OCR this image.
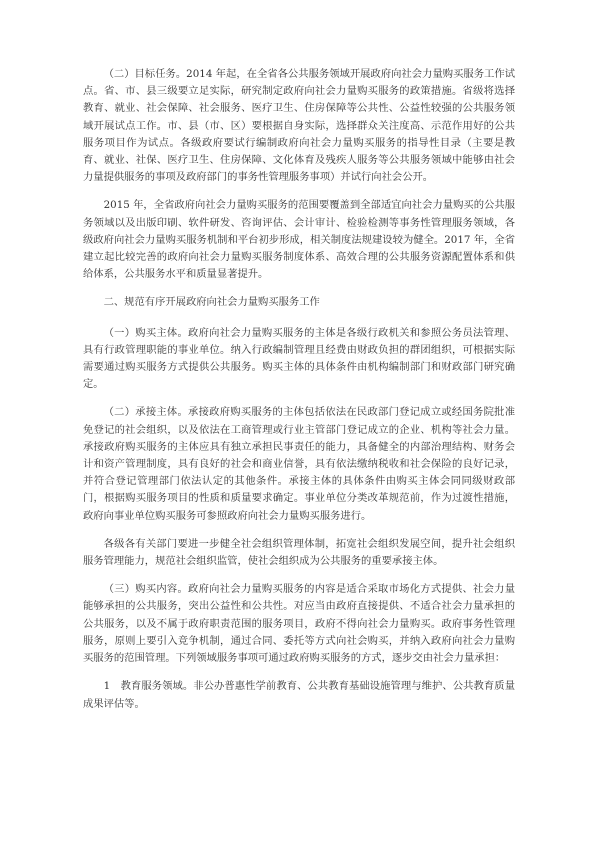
（二）目标任务。2014 年起，在全省各公共服务领域开展政府向社会力量购买服务工作试点。省、市、县三级要立足实际，研究制定政府向社会力量购买服务的政策措施。省级将选择教育、就业、社会保障、社会服务、医疗卫生、住房保障等公共性、公益性较强的公共服务领域开展试点工作。市、县（市、区）要根据自身实际，选择群众关注度高、示范作用好的公共服务项目作为试点。各级政府要试行编制政府向社会力量购买服务的指导性目录（主要是教育、就业、社保、医疗卫生、住房保障、文化体育及残疾人服务等公共服务领域中能够由社会力量提供服务的事项及政府部门的事务性管理服务事项）并试行向社会公开。

2015 年，全省政府向社会力量购买服务的范围要覆盖到全部适宜向社会力量购买的公共服务领域以及出版印刷、软件研发、咨询评估、会计审计、检验检测等事务性管理服务领域，各级政府向社会力量购买服务机制和平台初步形成，相关制度法规建设较为健全。2017 年，全省建立起比较完善的政府向社会力量购买服务制度体系、高效合理的公共服务资源配置体系和供给体系，公共服务水平和质量显著提升。

二、规范有序开展政府向社会力量购买服务工作

（一）购买主体。政府向社会力量购买服务的主体是各级行政机关和参照公务员法管理、具有行政管理职能的事业单位。纳入行政编制管理且经费由财政负担的群团组织，可根据实际需要通过购买服务方式提供公共服务。购买主体的具体条件由机构编制部门和财政部门研究确定。

（二）承接主体。承接政府购买服务的主体包括依法在民政部门登记成立或经国务院批准免登记的社会组织，以及依法在工商管理或行业主管部门登记成立的企业、机构等社会力量。承接政府购买服务的主体应具有独立承担民事责任的能力，具备健全的内部治理结构、财务会计和资产管理制度，具有良好的社会和商业信誉，具有依法缴纳税收和社会保险的良好记录，并符合登记管理部门依法认定的其他条件。承接主体的具体条件由购买主体会同同级财政部门，根据购买服务项目的性质和质量要求确定。事业单位分类改革规范前，作为过渡性措施，政府向事业单位购买服务可参照政府向社会力量购买服务进行。

各级各有关部门要进一步健全社会组织管理体制，拓宽社会组织发展空间，提升社会组织服务管理能力，规范社会组织监管，使社会组织成为公共服务的重要承接主体。

（三）购买内容。政府向社会力量购买服务的内容是适合采取市场化方式提供、社会力量能够承担的公共服务，突出公益性和公共性。对应当由政府直接提供、不适合社会力量承担的公共服务，以及不属于政府职责范围的服务项目，政府不得向社会力量购买。政府事务性管理服务，原则上要引入竞争机制，通过合同、委托等方式向社会购买，并纳入政府向社会力量购买服务的范围管理。下列领域服务事项可通过政府购买服务的方式，逐步交由社会力量承担：

1　教育服务领域。非公办普惠性学前教育、公共教育基础设施管理与维护、公共教育质量成果评估等。
